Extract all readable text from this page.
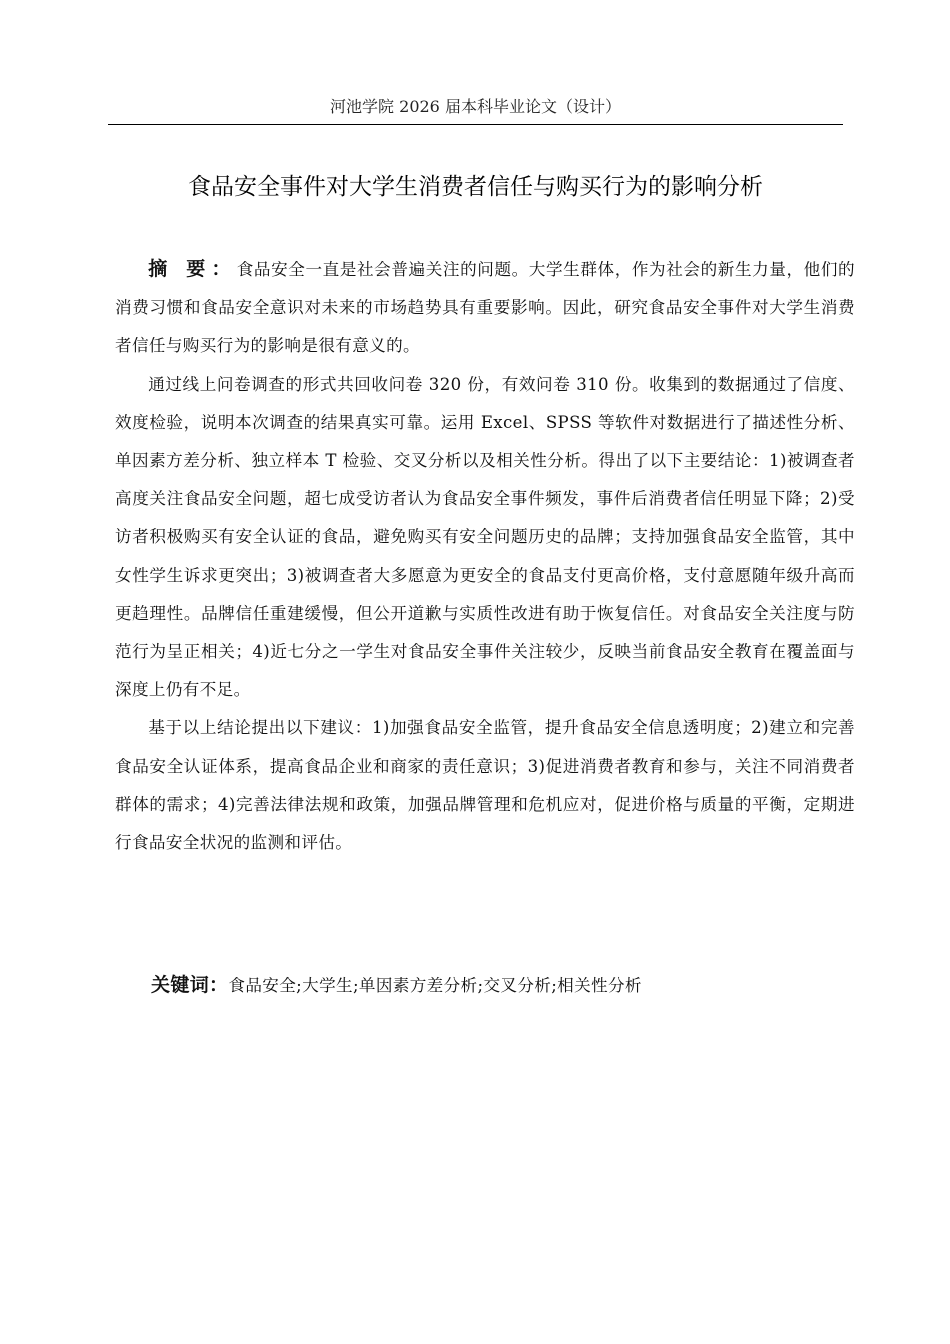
河池学院 2026 届本科毕业论文（设计）
食品安全事件对大学生消费者信任与购买行为的影响分析

摘 要：食品安全一直是社会普遍关注的问题。大学生群体，作为社会的新生力量，他们的消费习惯和食品安全意识对未来的市场趋势具有重要影响。因此，研究食品安全事件对大学生消费者信任与购买行为的影响是很有意义的。

通过线上问卷调查的形式共回收问卷 320 份，有效问卷 310 份。收集到的数据通过了信度、效度检验，说明本次调查的结果真实可靠。运用 Excel、SPSS 等软件对数据进行了描述性分析、单因素方差分析、独立样本 T 检验、交叉分析以及相关性分析。得出了以下主要结论：1)被调查者高度关注食品安全问题，超七成受访者认为食品安全事件频发，事件后消费者信任明显下降；2)受访者积极购买有安全认证的食品，避免购买有安全问题历史的品牌；支持加强食品安全监管，其中女性学生诉求更突出；3)被调查者大多愿意为更安全的食品支付更高价格，支付意愿随年级升高而更趋理性。品牌信任重建缓慢，但公开道歉与实质性改进有助于恢复信任。对食品安全关注度与防范行为呈正相关；4)近七分之一学生对食品安全事件关注较少，反映当前食品安全教育在覆盖面与深度上仍有不足。

基于以上结论提出以下建议：1)加强食品安全监管，提升食品安全信息透明度；2)建立和完善食品安全认证体系，提高食品企业和商家的责任意识；3)促进消费者教育和参与，关注不同消费者群体的需求；4)完善法律法规和政策，加强品牌管理和危机应对，促进价格与质量的平衡，定期进行食品安全状况的监测和评估。

关键词：食品安全;大学生;单因素方差分析;交叉分析;相关性分析
